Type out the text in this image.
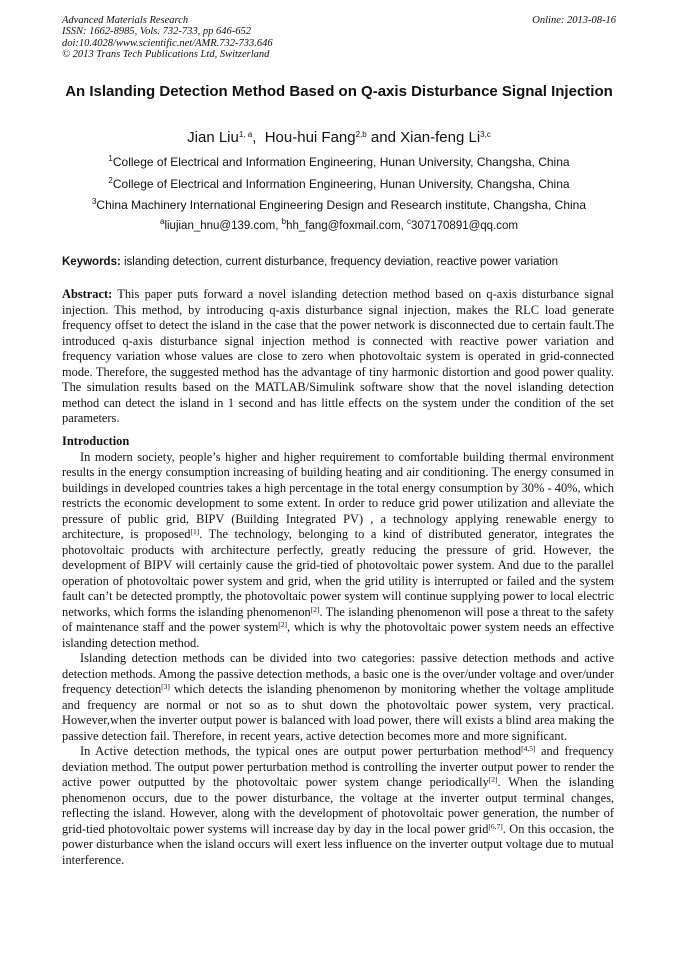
Advanced Materials Research
ISSN: 1662-8985, Vols. 732-733, pp 646-652
doi:10.4028/www.scientific.net/AMR.732-733.646
© 2013 Trans Tech Publications Ltd, Switzerland
Online: 2013-08-16
An Islanding Detection Method Based on Q-axis Disturbance Signal Injection
Jian Liu$^{1, a}$,  Hou-hui Fang$^{2,b}$ and Xian-feng Li$^{3,c}$
$^1$College of Electrical and Information Engineering, Hunan University, Changsha, China
$^2$College of Electrical and Information Engineering, Hunan University, Changsha, China
$^3$China Machinery International Engineering Design and Research institute, Changsha, China
$^a$liujian_hnu@139.com, $^b$hh_fang@foxmail.com, $^c$307170891@qq.com
Keywords: islanding detection, current disturbance, frequency deviation, reactive power variation
Abstract: This paper puts forward a novel islanding detection method based on q-axis disturbance signal injection. This method, by introducing q-axis disturbance signal injection, makes the RLC load generate frequency offset to detect the island in the case that the power network is disconnected due to certain fault.The introduced q-axis disturbance signal injection method is connected with reactive power variation and frequency variation whose values are close to zero when photovoltaic system is operated in grid-connected mode. Therefore, the suggested method has the advantage of tiny harmonic distortion and good power quality. The simulation results based on the MATLAB/Simulink software show that the novel islanding detection method can detect the island in 1 second and has little effects on the system under the condition of the set parameters.
Introduction

In modern society, people’s higher and higher requirement to comfortable building thermal environment results in the energy consumption increasing of building heating and air conditioning. The energy consumed in buildings in developed countries takes a high percentage in the total energy consumption by 30% - 40%, which restricts the economic development to some extent. In order to reduce grid power utilization and alleviate the pressure of public grid, BIPV (Building Integrated PV) , a technology applying renewable energy to architecture, is proposed[1]. The technology, belonging to a kind of distributed generator, integrates the photovoltaic products with architecture perfectly, greatly reducing the pressure of grid. However, the development of BIPV will certainly cause the grid-tied of photovoltaic power system. And due to the parallel operation of photovoltaic power system and grid, when the grid utility is interrupted or failed and the system fault can’t be detected promptly, the photovoltaic power system will continue supplying power to local electric networks, which forms the islanding phenomenon[2]. The islanding phenomenon will pose a threat to the safety of maintenance staff and the power system[2], which is why the photovoltaic power system needs an effective islanding detection method.

Islanding detection methods can be divided into two categories: passive detection methods and active detection methods. Among the passive detection methods, a basic one is the over/under voltage and over/under frequency detection[3] which detects the islanding phenomenon by monitoring whether the voltage amplitude and frequency are normal or not so as to shut down the photovoltaic power system, very practical. However,when the inverter output power is balanced with load power, there will exists a blind area making the passive detection fail. Therefore, in recent years, active detection becomes more and more significant.

In Active detection methods, the typical ones are output power perturbation method[4,5] and frequency deviation method. The output power perturbation method is controlling the inverter output power to render the active power outputted by the photovoltaic power system change periodically[2]. When the islanding phenomenon occurs, due to the power disturbance, the voltage at the inverter output terminal changes, reflecting the island. However, along with the development of photovoltaic power generation, the number of grid-tied photovoltaic power systems will increase day by day in the local power grid[6,7]. On this occasion, the power disturbance when the island occurs will exert less influence on the inverter output voltage due to mutual interference.
